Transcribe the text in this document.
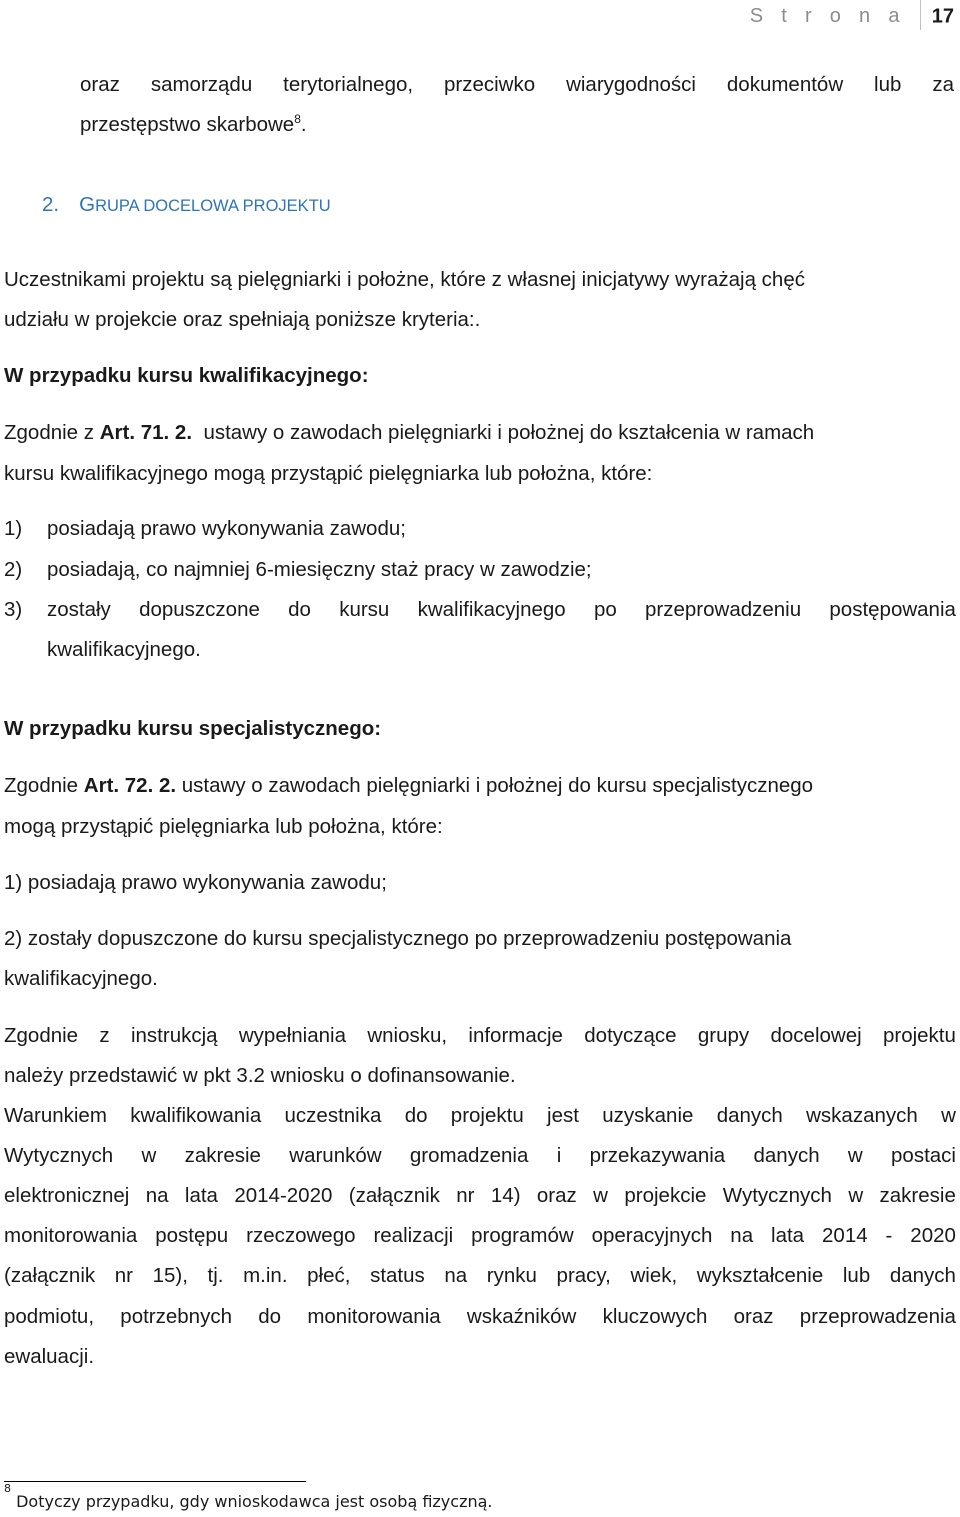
S t r o n a 17
oraz samorządu terytorialnego, przeciwko wiarygodności dokumentów lub za
przestępstwo skarbowe$^8$.
2. GRUPA DOCELOWA PROJEKTU
Uczestnikami projektu są pielęgniarki i położne, które z własnej inicjatywy wyrażają chęć
udziału w projekcie oraz spełniają poniższe kryteria:.
W przypadku kursu kwalifikacyjnego:
Zgodnie z Art. 71. 2. ustawy o zawodach pielęgniarki i położnej do kształcenia w ramach
kursu kwalifikacyjnego mogą przystąpić pielęgniarka lub położna, które:
1) posiadają prawo wykonywania zawodu;
2) posiadają, co najmniej 6-miesięczny staż pracy w zawodzie;
3) zostały dopuszczone do kursu kwalifikacyjnego po przeprowadzeniu postępowania
kwalifikacyjnego.
W przypadku kursu specjalistycznego:
Zgodnie Art. 72. 2. ustawy o zawodach pielęgniarki i położnej do kursu specjalistycznego
mogą przystąpić pielęgniarka lub położna, które:
1) posiadają prawo wykonywania zawodu;
2) zostały dopuszczone do kursu specjalistycznego po przeprowadzeniu postępowania
kwalifikacyjnego.
Zgodnie z instrukcją wypełniania wniosku, informacje dotyczące grupy docelowej projektu
należy przedstawić w pkt 3.2 wniosku o dofinansowanie.
Warunkiem kwalifikowania uczestnika do projektu jest uzyskanie danych wskazanych w
Wytycznych w zakresie warunków gromadzenia i przekazywania danych w postaci
elektronicznej na lata 2014-2020 (załącznik nr 14) oraz w projekcie Wytycznych w zakresie
monitorowania postępu rzeczowego realizacji programów operacyjnych na lata 2014 - 2020
(załącznik nr 15), tj. m.in. płeć, status na rynku pracy, wiek, wykształcenie lub danych
podmiotu, potrzebnych do monitorowania wskaźników kluczowych oraz przeprowadzenia
ewaluacji.
$^8$ Dotyczy przypadku, gdy wnioskodawca jest osobą fizyczną.
